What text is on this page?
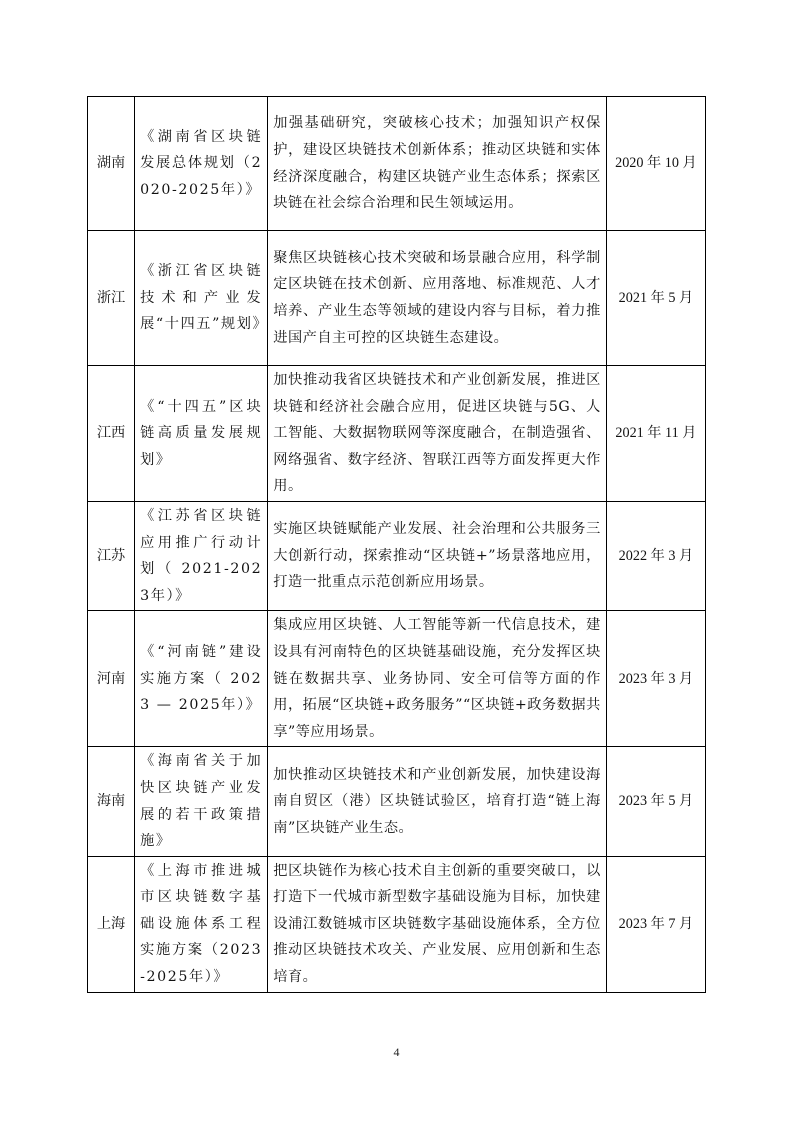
湖南	《湖南省区块链发展总体规划（2020-2025年）》	加强基础研究，突破核心技术；加强知识产权保护，建设区块链技术创新体系；推动区块链和实体经济深度融合，构建区块链产业生态体系；探索区块链在社会综合治理和民生领域运用。	2020 年 10 月
浙江	《浙江省区块链技术和产业发展“十四五”规划》	聚焦区块链核心技术突破和场景融合应用，科学制定区块链在技术创新、应用落地、标准规范、人才培养、产业生态等领域的建设内容与目标，着力推进国产自主可控的区块链生态建设。	2021 年 5 月
江西	《“十四五”区块链高质量发展规划》	加快推动我省区块链技术和产业创新发展，推进区块链和经济社会融合应用，促进区块链与5G、人工智能、大数据物联网等深度融合，在制造强省、网络强省、数字经济、智联江西等方面发挥更大作用。	2021 年 11 月
江苏	《江苏省区块链应用推广行动计划（ 2021-2023年）》	实施区块链赋能产业发展、社会治理和公共服务三大创新行动，探索推动“区块链+”场景落地应用，打造一批重点示范创新应用场景。	2022 年 3 月
河南	《“河南链”建设实施方案（ 2023 — 2025年）》	集成应用区块链、人工智能等新一代信息技术，建设具有河南特色的区块链基础设施，充分发挥区块链在数据共享、业务协同、安全可信等方面的作用，拓展“区块链+政务服务”“区块链+政务数据共享”等应用场景。	2023 年 3 月
海南	《海南省关于加快区块链产业发展的若干政策措施》	加快推动区块链技术和产业创新发展，加快建设海南自贸区（港）区块链试验区，培育打造“链上海南”区块链产业生态。	2023 年 5 月
上海	《上海市推进城市区块链数字基础设施体系工程实施方案（2023-2025年）》	把区块链作为核心技术自主创新的重要突破口，以打造下一代城市新型数字基础设施为目标，加快建设浦江数链城市区块链数字基础设施体系，全方位推动区块链技术攻关、产业发展、应用创新和生态培育。	2023 年 7 月
4
